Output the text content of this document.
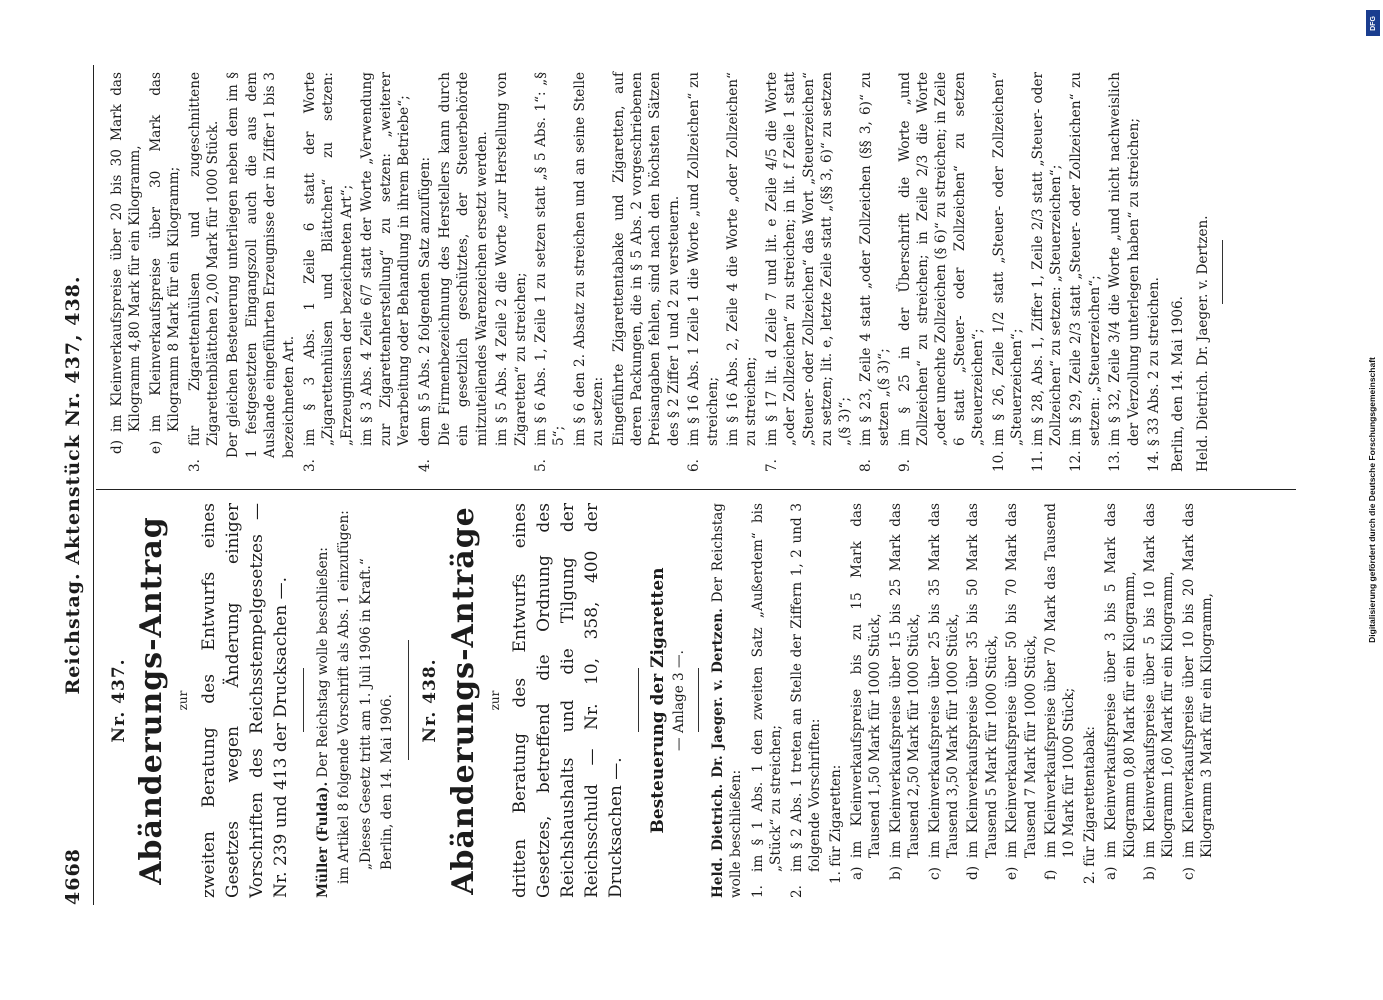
4668
Reichstag. Aktenstück Nr. 437, 438.
Nr. 437. Abänderungs-Antrag zur zweiten Beratung des Entwurfs eines Gesetzes wegen Änderung einiger Vorschriften des Reichsstempelgesetzes — Nr. 239 und 413 der Drucksachen —. Müller (Fulda). Der Reichstag wolle beschließen: im Artikel 8 folgende Vorschrift als Abs. 1 einzufügen: „Dieses Gesetz tritt am 1. Juli 1906 in Kraft.“ Berlin, den 14. Mai 1906. Nr. 438. Abänderungs-Anträge zur dritten Beratung des Entwurfs eines Gesetzes, betreffend die Ordnung des Reichshaushalts und die Tilgung der Reichsschuld — Nr. 10, 358, 400 der Drucksachen —. Besteuerung der Zigaretten — Anlage 3 —. Held. Dietrich. Dr. Jaeger. v. Dertzen. Der Reichstag wolle beschließen: 1.
im § 1 Abs. 1 den zweiten Satz „Außerdem“ bis „Stück“ zu streichen;
2.
im § 2 Abs. 1 treten an Stelle der Ziffern 1, 2 und 3 folgende Vorschriften: 1. für Zigaretten: a)
im Kleinverkaufspreise bis zu 15 Mark das Tausend 1,50 Mark für 1000 Stück,
b)
im Kleinverkaufspreise über 15 bis 25 Mark das Tausend 2,50 Mark für 1000 Stück,
c)
im Kleinverkaufspreise über 25 bis 35 Mark das Tausend 3,50 Mark für 1000 Stück,
d)
im Kleinverkaufspreise über 35 bis 50 Mark das Tausend 5 Mark für 1000 Stück,
e)
im Kleinverkaufspreise über 50 bis 70 Mark das Tausend 7 Mark für 1000 Stück,
f)
im Kleinverkaufspreise über 70 Mark das Tausend 10 Mark für 1000 Stück; 2. für Zigarettentabak: a)
im Kleinverkaufspreise über 3 bis 5 Mark das Kilogramm 0,80 Mark für ein Kilogramm,
b)
im Kleinverkaufspreise über 5 bis 10 Mark das Kilogramm 1,60 Mark für ein Kilogramm,
c)
im Kleinverkaufspreise über 10 bis 20 Mark das Kilogramm 3 Mark für ein Kilogramm,
d)
im Kleinverkaufspreise über 20 bis 30 Mark das Kilogramm 4,80 Mark für ein Kilogramm,
e)
im Kleinverkaufspreise über 30 Mark das Kilogramm 8 Mark für ein Kilogramm;
3.
für Zigarettenhülsen und zugeschnittene Zigarettenblättchen 2,00 Mark für 1000 Stück. Der gleichen Besteuerung unterliegen neben dem im § 1 festgesetzten Eingangszoll auch die aus dem Auslande eingeführten Erzeugnisse der in Ziffer 1 bis 3 bezeichneten Art.
3.
im § 3 Abs. 1 Zeile 6 statt der Worte „Zigarettenhülsen und Blättchen“ zu setzen: „Erzeugnissen der bezeichneten Art“; im § 3 Abs. 4 Zeile 6/7 statt der Worte „Verwendung zur Zigarettenherstellung“ zu setzen: „weiterer Verarbeitung oder Behandlung in ihrem Betriebe“;
4.
dem § 5 Abs. 2 folgenden Satz anzufügen: Die Firmenbezeichnung des Herstellers kann durch ein gesetzlich geschütztes, der Steuerbehörde mitzuteilendes Warenzeichen ersetzt werden. im § 5 Abs. 4 Zeile 2 die Worte „zur Herstellung von Zigaretten“ zu streichen;
5.
im § 6 Abs. 1, Zeile 1 zu setzen statt „§ 5 Abs. 1“: „§ 5“; im § 6 den 2. Absatz zu streichen und an seine Stelle zu setzen: Eingeführte Zigarettentabake und Zigaretten, auf deren Packungen, die in § 5 Abs. 2 vorgeschriebenen Preisangaben fehlen, sind nach den höchsten Sätzen des § 2 Ziffer 1 und 2 zu versteuern.
6.
im § 16 Abs. 1 Zeile 1 die Worte „und Zollzeichen“ zu streichen; im § 16 Abs. 2, Zeile 4 die Worte „oder Zollzeichen“ zu streichen;
7.
im § 17 lit. d Zeile 7 und lit. e Zeile 4/5 die Worte „oder Zollzeichen“ zu streichen; in lit. f Zeile 1 statt „Steuer- oder Zollzeichen“ das Wort „Steuerzeichen“ zu setzen; lit. e, letzte Zeile statt „(§§ 3, 6)“ zu setzen „(§ 3)“;
8.
im § 23, Zeile 4 statt „oder Zollzeichen (§§ 3, 6)“ zu setzen „(§ 3)“;
9.
im § 25 in der Überschrift die Worte „und Zollzeichen“ zu streichen; in Zeile 2/3 die Worte „oder unechte Zollzeichen (§ 6)“ zu streichen; in Zeile 6 statt „Steuer- oder Zollzeichen“ zu setzen „Steuerzeichen“;
10.
im § 26, Zeile 1/2 statt „Steuer- oder Zollzeichen“ „Steuerzeichen“;
11.
im § 28, Abs. 1, Ziffer 1, Zeile 2/3 statt „Steuer- oder Zollzeichen“ zu setzen: „Steuerzeichen“;
12.
im § 29, Zeile 2/3 statt „Steuer- oder Zollzeichen“ zu setzen: „Steuerzeichen“;
13.
im § 32, Zeile 3/4 die Worte „und nicht nachweislich der Verzollung unterlegen haben“ zu streichen;
14.
§ 33 Abs. 2 zu streichen. Berlin, den 14. Mai 1906. Held. Dietrich. Dr. Jaeger. v. Dertzen.
Digitalisierung gefördert durch die Deutsche Forschungsgemeinschaft
DFG
